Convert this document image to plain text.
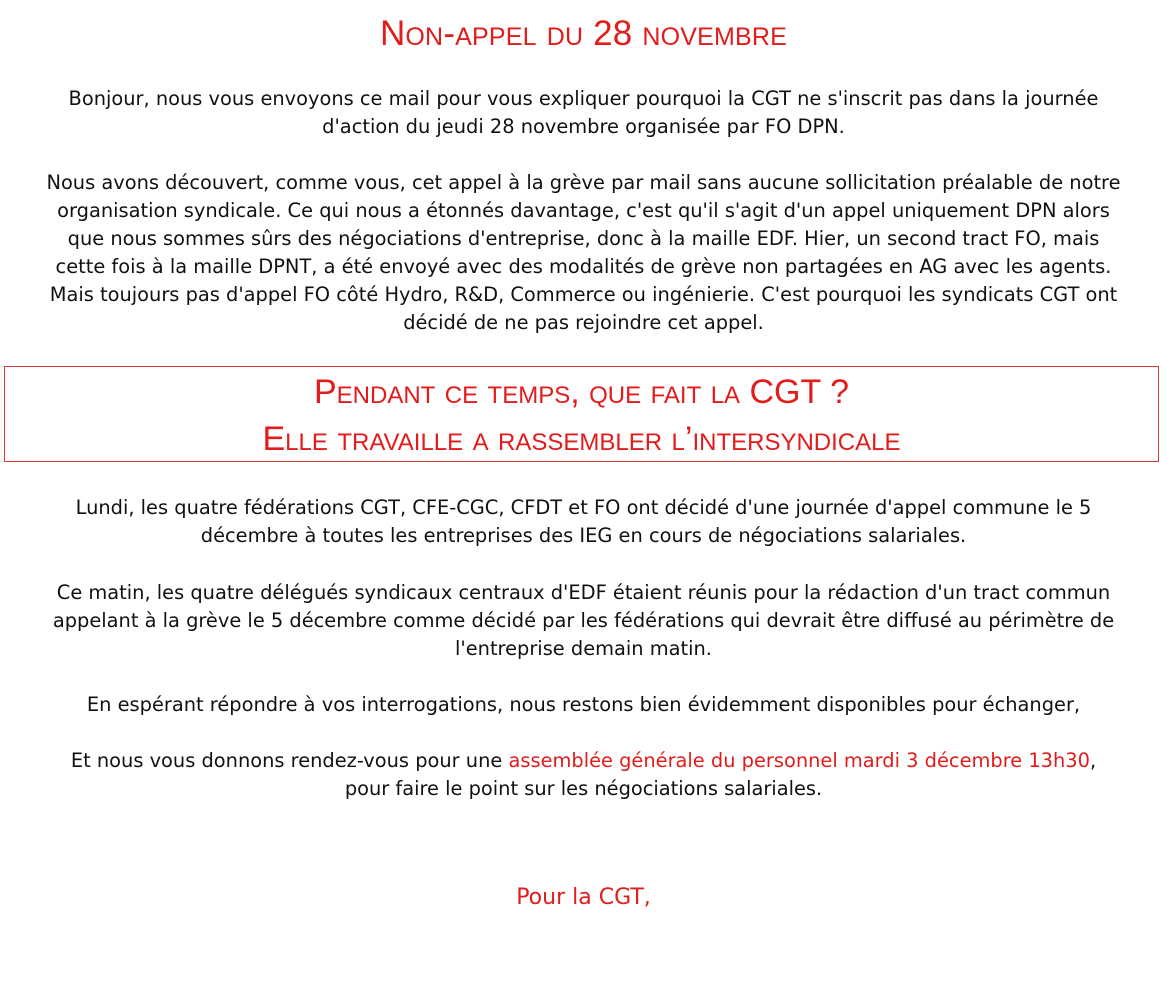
Non-appel du 28 novembre

Bonjour, nous vous envoyons ce mail pour vous expliquer pourquoi la CGT ne s'inscrit pas dans la journée
d'action du jeudi 28 novembre organisée par FO DPN.

Nous avons découvert, comme vous, cet appel à la grève par mail sans aucune sollicitation préalable de notre
organisation syndicale. Ce qui nous a étonnés davantage, c'est qu'il s'agit d'un appel uniquement DPN alors
que nous sommes sûrs des négociations d'entreprise, donc à la maille EDF. Hier, un second tract FO, mais
cette fois à la maille DPNT, a été envoyé avec des modalités de grève non partagées en AG avec les agents.
Mais toujours pas d'appel FO côté Hydro, R&D, Commerce ou ingénierie. C'est pourquoi les syndicats CGT ont
décidé de ne pas rejoindre cet appel.

Pendant ce temps, que fait la CGT ?
Elle travaille a rassembler l’intersyndicale

Lundi, les quatre fédérations CGT, CFE-CGC, CFDT et FO ont décidé d'une journée d'appel commune le 5
décembre à toutes les entreprises des IEG en cours de négociations salariales.

Ce matin, les quatre délégués syndicaux centraux d'EDF étaient réunis pour la rédaction d'un tract commun
appelant à la grève le 5 décembre comme décidé par les fédérations qui devrait être diffusé au périmètre de
l'entreprise demain matin.

En espérant répondre à vos interrogations, nous restons bien évidemment disponibles pour échanger,

Et nous vous donnons rendez-vous pour une assemblée générale du personnel mardi 3 décembre 13h30,
pour faire le point sur les négociations salariales.

Pour la CGT,
